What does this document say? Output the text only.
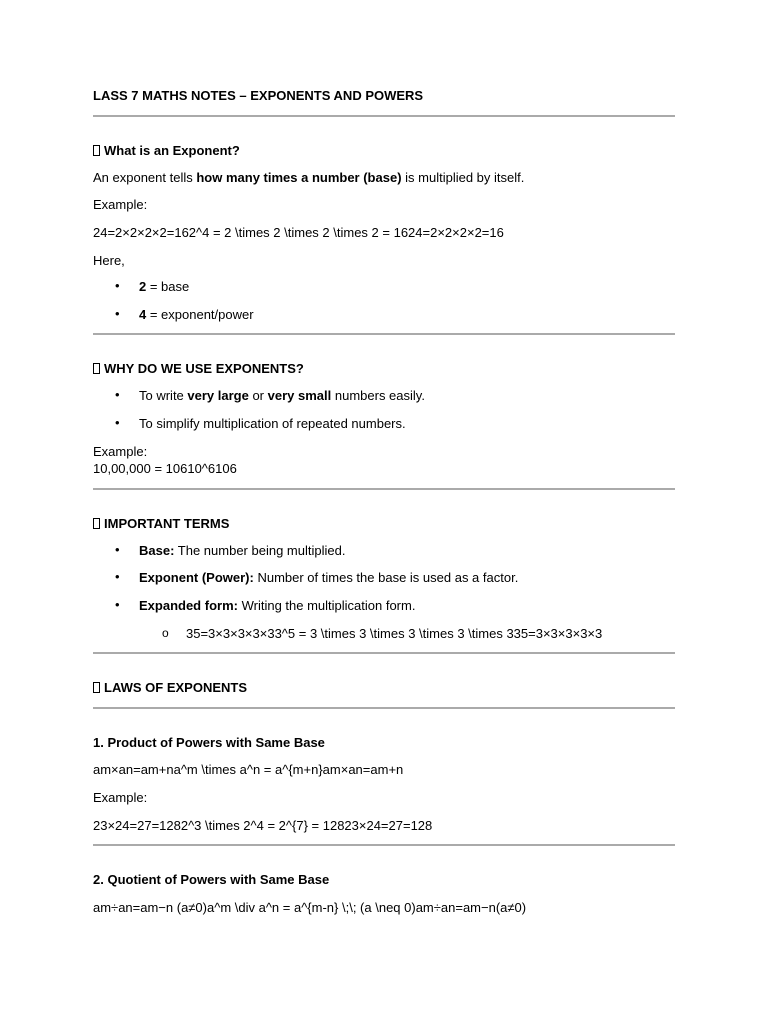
LASS 7 MATHS NOTES – EXPONENTS AND POWERS
What is an Exponent?
An exponent tells how many times a number (base) is multiplied by itself.
Example:
24=2×2×2×2=162^4 = 2 \times 2 \times 2 \times 2 = 1624=2×2×2×2=16
Here,
• 2 = base
• 4 = exponent/power
WHY DO WE USE EXPONENTS?
• To write very large or very small numbers easily.
• To simplify multiplication of repeated numbers.
Example:
10,00,000 = 10610^6106
IMPORTANT TERMS
• Base: The number being multiplied.
• Exponent (Power): Number of times the base is used as a factor.
• Expanded form: Writing the multiplication form.
o 35=3×3×3×3×33^5 = 3 \times 3 \times 3 \times 3 \times 335=3×3×3×3×3
LAWS OF EXPONENTS
1. Product of Powers with Same Base
am×an=am+na^m \times a^n = a^{m+n}am×an=am+n
Example:
23×24=27=1282^3 \times 2^4 = 2^{7} = 12823×24=27=128
2. Quotient of Powers with Same Base
am÷an=am−n (a≠0)a^m \div a^n = a^{m-n} \;\; (a \neq 0)am÷an=am−n(a≠0)
